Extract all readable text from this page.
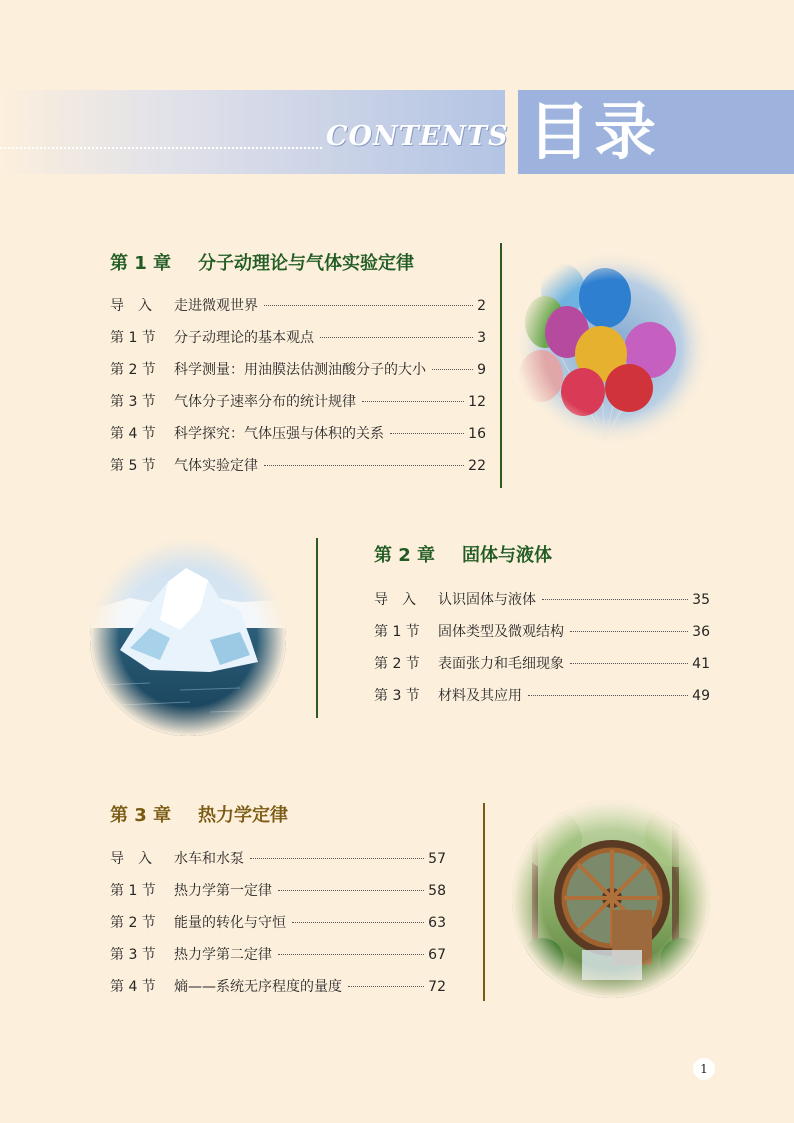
CONTENTS 目录
第 1 章 分子动理论与气体实验定律
导　入	走进微观世界	2
第 1 节	分子动理论的基本观点	3
第 2 节	科学测量：用油膜法估测油酸分子的大小	9
第 3 节	气体分子速率分布的统计规律	12
第 4 节	科学探究：气体压强与体积的关系	16
第 5 节	气体实验定律	22
第 2 章 固体与液体
导　入	认识固体与液体	35
第 1 节	固体类型及微观结构	36
第 2 节	表面张力和毛细现象	41
第 3 节	材料及其应用	49
第 3 章 热力学定律
导　入	水车和水泵	57
第 1 节	热力学第一定律	58
第 2 节	能量的转化与守恒	63
第 3 节	热力学第二定律	67
第 4 节	熵——系统无序程度的量度	72
1
